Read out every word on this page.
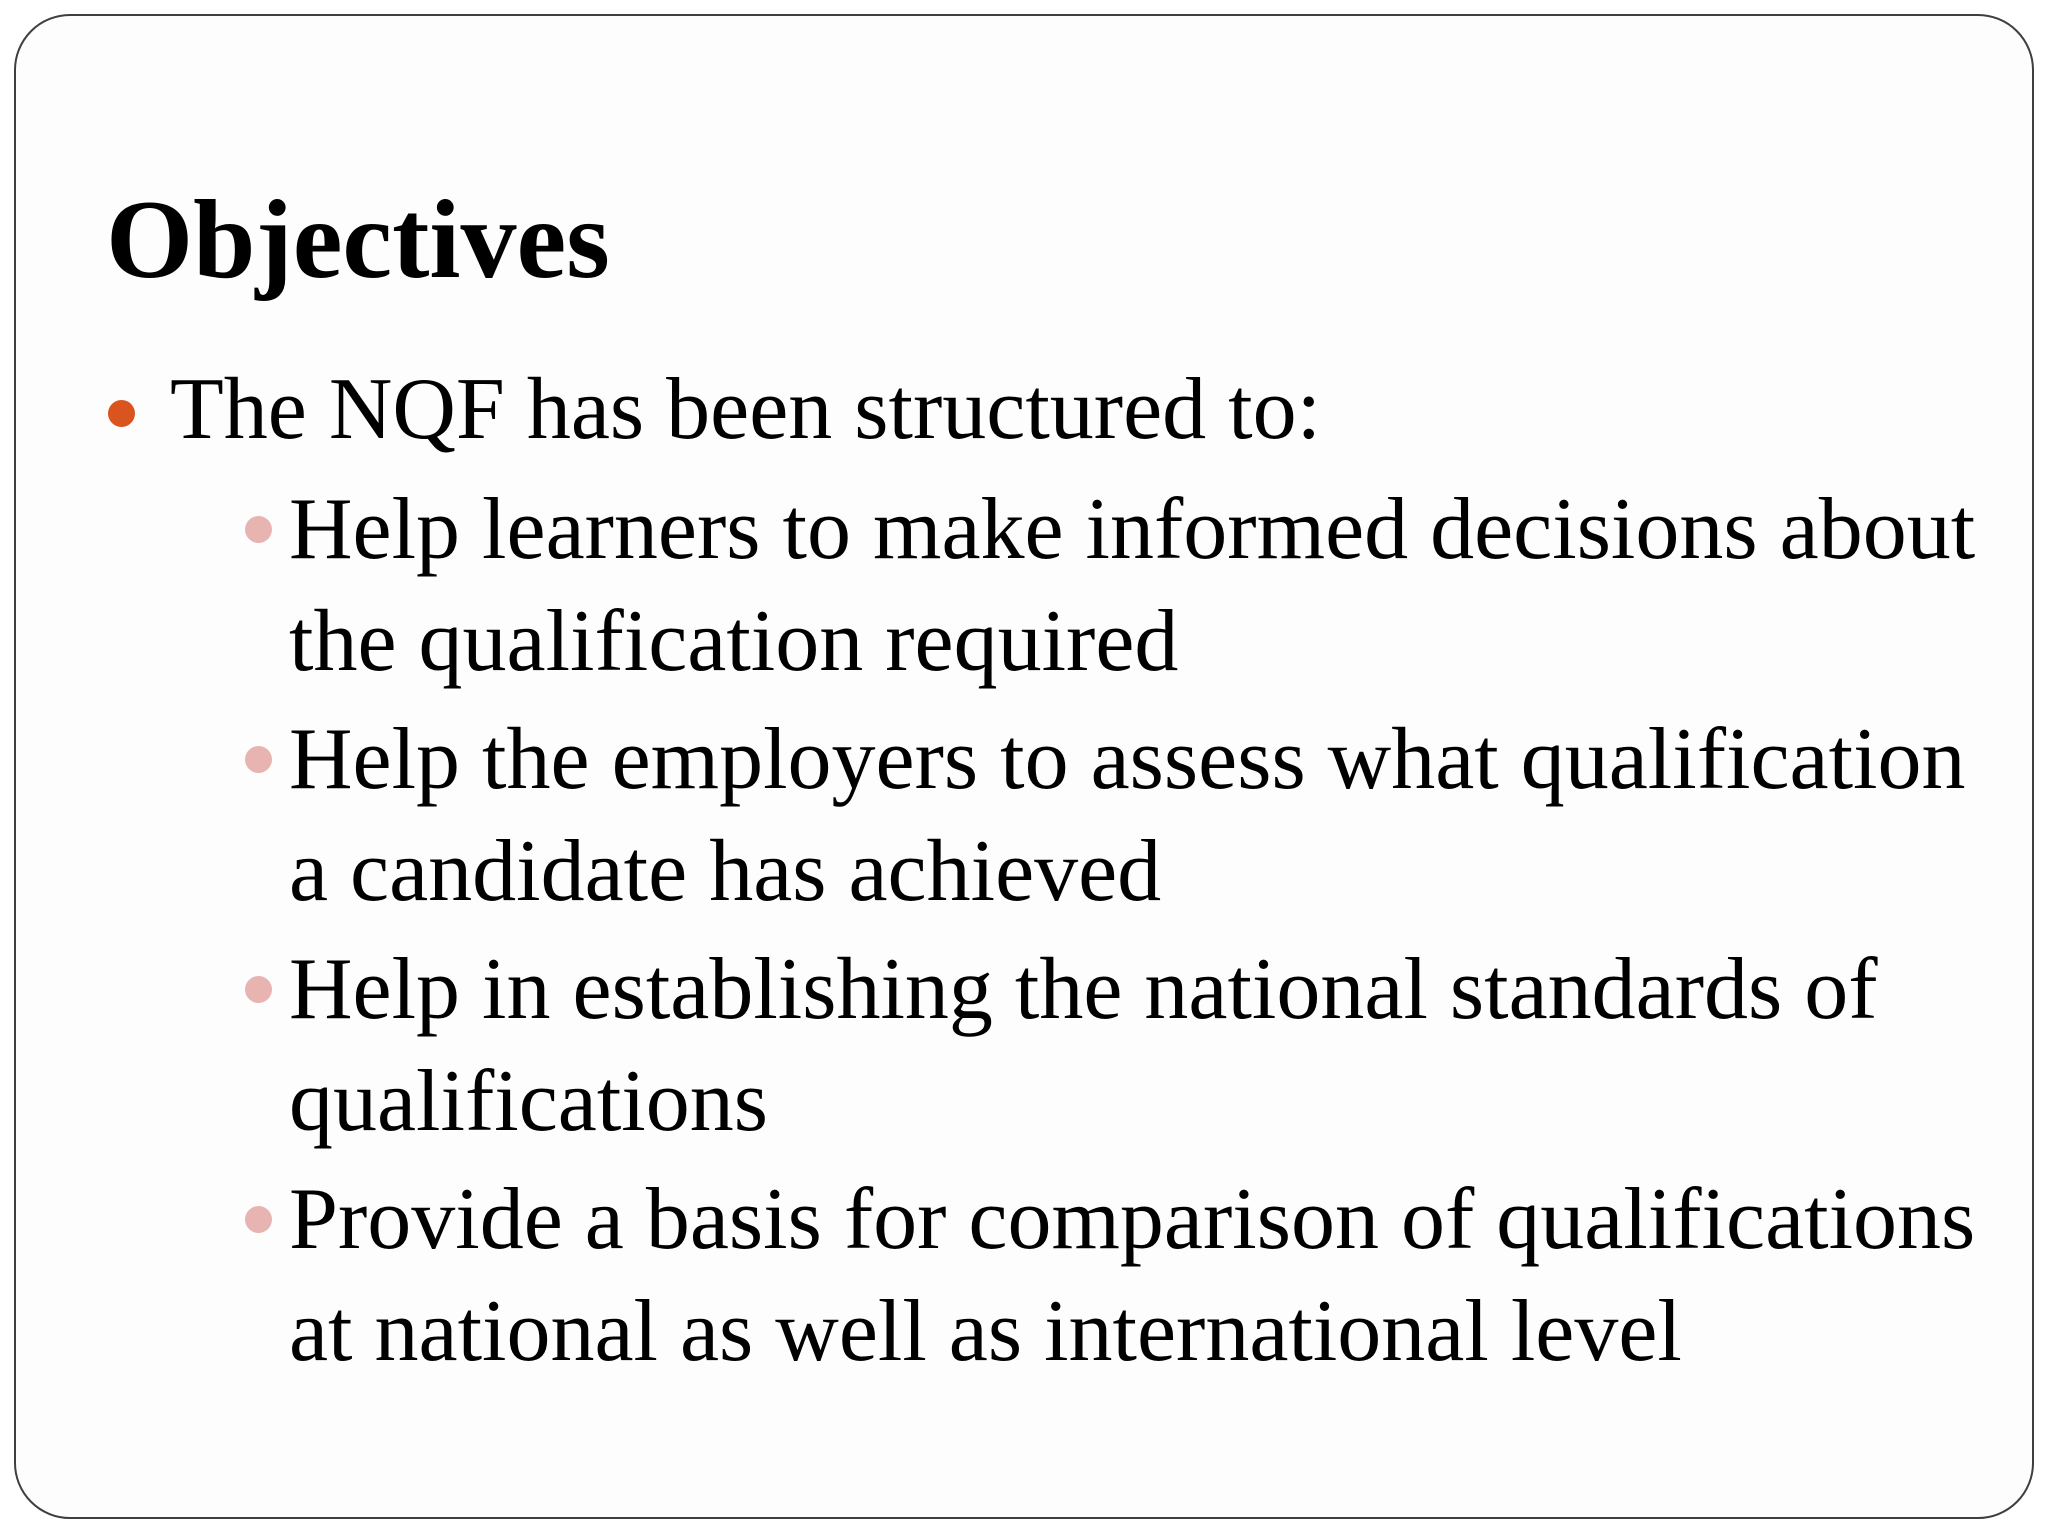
Objectives
The NQF has been structured to:
Help learners to make informed decisions about the qualification required
Help the employers to assess what qualification a candidate has achieved
Help in establishing the national standards of qualifications
Provide a basis for comparison of qualifications at national as well as international level
